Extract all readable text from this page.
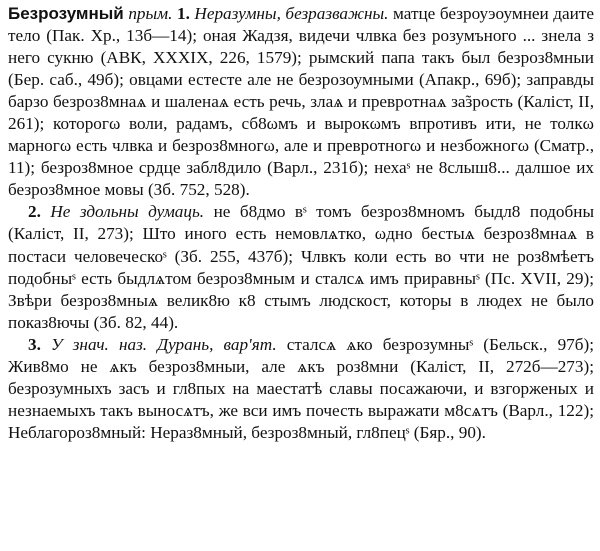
Безрозумный прым. 1. Неразумны, безразважны. матце безроуэоумнеи даите тело (Пак. Хр., 13б—14); оная Жадзя, видечи члвка без розумъного ... знела з него сукню (АВК, XXXIX, 226, 1579); рымский папа такъ был безроз8мныи (Бер. саб., 49б); овцами естесте але не безрозоумными (Апакр., 69б); заправды барзо безроз8мнаѧ и шаленаѧ есть речь, злаѧ и превротнаѧ за̃зрость (Каліст, II, 261); которогω воли, радамъ, сб8ωмъ и вырокωмъ впротивъ ити, не толкω марногω есть члвка и безроз8многω, але и превротногω и незбожногω (Сматр., 11); безроз8мное срдце забл8дило (Варл., 231б); нехаˢ не 8слыш8... далшое их безроз8мное мовы (Зб. 752, 528).

2. Не здольны думаць. не б8дмо вˢ томъ безроз8мномъ быдл8 подобны (Каліст, II, 273); Што иного есть немовлѧтко, ωдно бестыѧ безроз8мнаѧ в постаси человеческоˢ (Зб. 255, 437б); Члвкъ коли есть во чти не роз8мѣетъ подобныˢ есть быдлѧтом безроз8мным и сталсѧ имъ приравныˢ (Пс. XVII, 29); Звѣри безроз8мныѧ велик8ю к8 стымъ людскост, которы в людех не было показ8ючы (Зб. 82, 44).

3. У знач. наз. Дурань, вар'ят. сталсѧ ѧко безрозумныˢ (Бельск., 97б); Жив8мо не ѧкъ безроз8мныи, але ѧкъ роз8мни (Каліст, II, 272б—273); безрозумныхъ засъ и гл8пых на маестатѣ славы посажаючи, и взгорженых и незнаемыхъ такъ выносѧтъ, же вси имъ почесть выражати м8сѧтъ (Варл., 122); Неблагороз8мный: Нераз8мный, безроз8мный, гл8пецˢ (Бяр., 90).
